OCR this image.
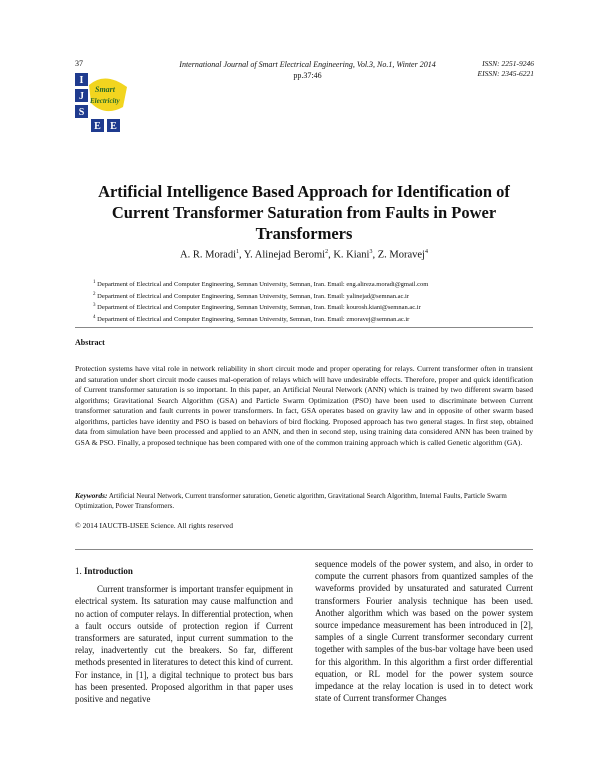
37	International Journal of Smart Electrical Engineering, Vol.3, No.1, Winter 2014
pp.37:46
ISSN: 2251-9246
EISSN: 2345-6221
I
J
S
E E
Smart
Electricity
Artificial Intelligence Based Approach for Identification of Current Transformer Saturation from Faults in Power Transformers
A. R. Moradi$^1$, Y. Alinejad Beromi$^2$, K. Kiani$^3$, Z. Moravej$^4$
$^1$ Department of Electrical and Computer Engineering, Semnan University, Semnan, Iran. Email: eng.alireza.moradi@gmail.com
$^2$ Department of Electrical and Computer Engineering, Semnan University, Semnan, Iran. Email: yalinejad@semnan.ac.ir
$^3$ Department of Electrical and Computer Engineering, Semnan University, Semnan, Iran. Email: kourosh.kiani@semnan.ac.ir
$^4$ Department of Electrical and Computer Engineering, Semnan University, Semnan, Iran. Email: zmoravej@semnan.ac.ir
Abstract
Protection systems have vital role in network reliability in short circuit mode and proper operating for relays. Current transformer often in transient and saturation under short circuit mode causes mal-operation of relays which will have undesirable effects. Therefore, proper and quick identification of Current transformer saturation is so important. In this paper, an Artificial Neural Network (ANN) which is trained by two different swarm based algorithms; Gravitational Search Algorithm (GSA) and Particle Swarm Optimization (PSO) have been used to discriminate between Current transformer saturation and fault currents in power transformers. In fact, GSA operates based on gravity law and in opposite of other swarm based algorithms, particles have identity and PSO is based on behaviors of bird flocking. Proposed approach has two general stages. In first step, obtained data from simulation have been processed and applied to an ANN, and then in second step, using training data considered ANN has been trained by GSA & PSO. Finally, a proposed technique has been compared with one of the common training approach which is called Genetic algorithm (GA).
Keywords: Artificial Neural Network, Current transformer saturation, Genetic algorithm, Gravitational Search Algorithm, Internal Faults, Particle Swarm Optimization, Power Transformers.
© 2014 IAUCTB-IJSEE Science. All rights reserved
1. Introduction
Current transformer is important transfer equipment in electrical system. Its saturation may cause malfunction and no action of computer relays. In differential protection, when a fault occurs outside of protection region if Current transformers are saturated, input current summation to the relay, inadvertently cut the breakers. So far, different methods presented in literatures to detect this kind of current. For instance, in [1], a digital technique to protect bus bars has been presented. Proposed algorithm in that paper uses positive and negative
sequence models of the power system, and also, in order to compute the current phasors from quantized samples of the waveforms provided by unsaturated and saturated Current transformers Fourier analysis technique has been used. Another algorithm which was based on the power system source impedance measurement has been introduced in [2], samples of a single Current transformer secondary current together with samples of the bus-bar voltage have been used for this algorithm. In this algorithm a first order differential equation, or RL model for the power system source impedance at the relay location is used in to detect work state of Current transformer Changes
